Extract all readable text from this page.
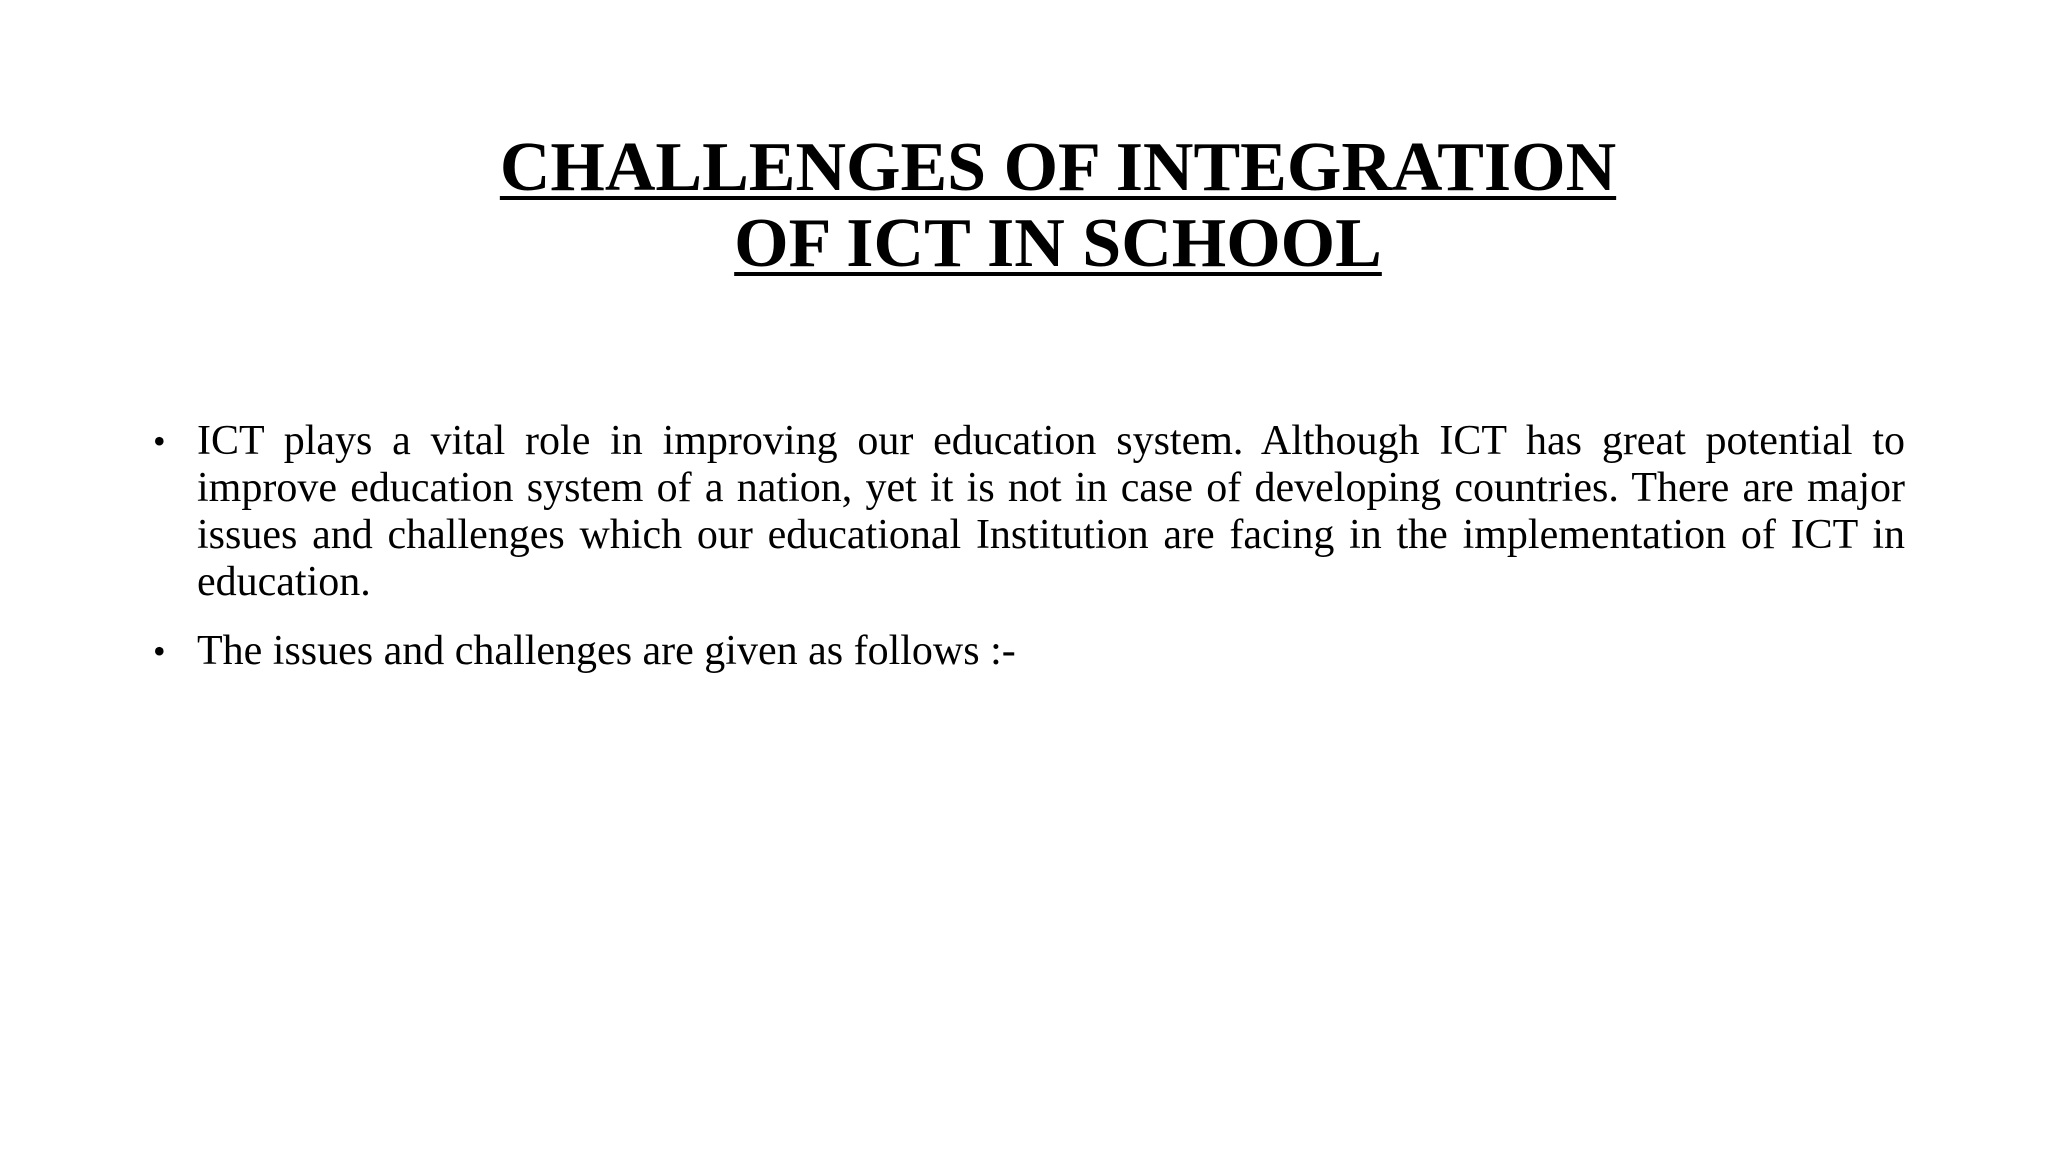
CHALLENGES OF INTEGRATION
OF ICT IN SCHOOL
• ICT plays a vital role in improving our education system. Although ICT has great potential to improve education system of a nation, yet it is not in case of developing countries. There are major issues and challenges which our educational Institution are facing in the implementation of ICT in education.
• The issues and challenges are given as follows :-
